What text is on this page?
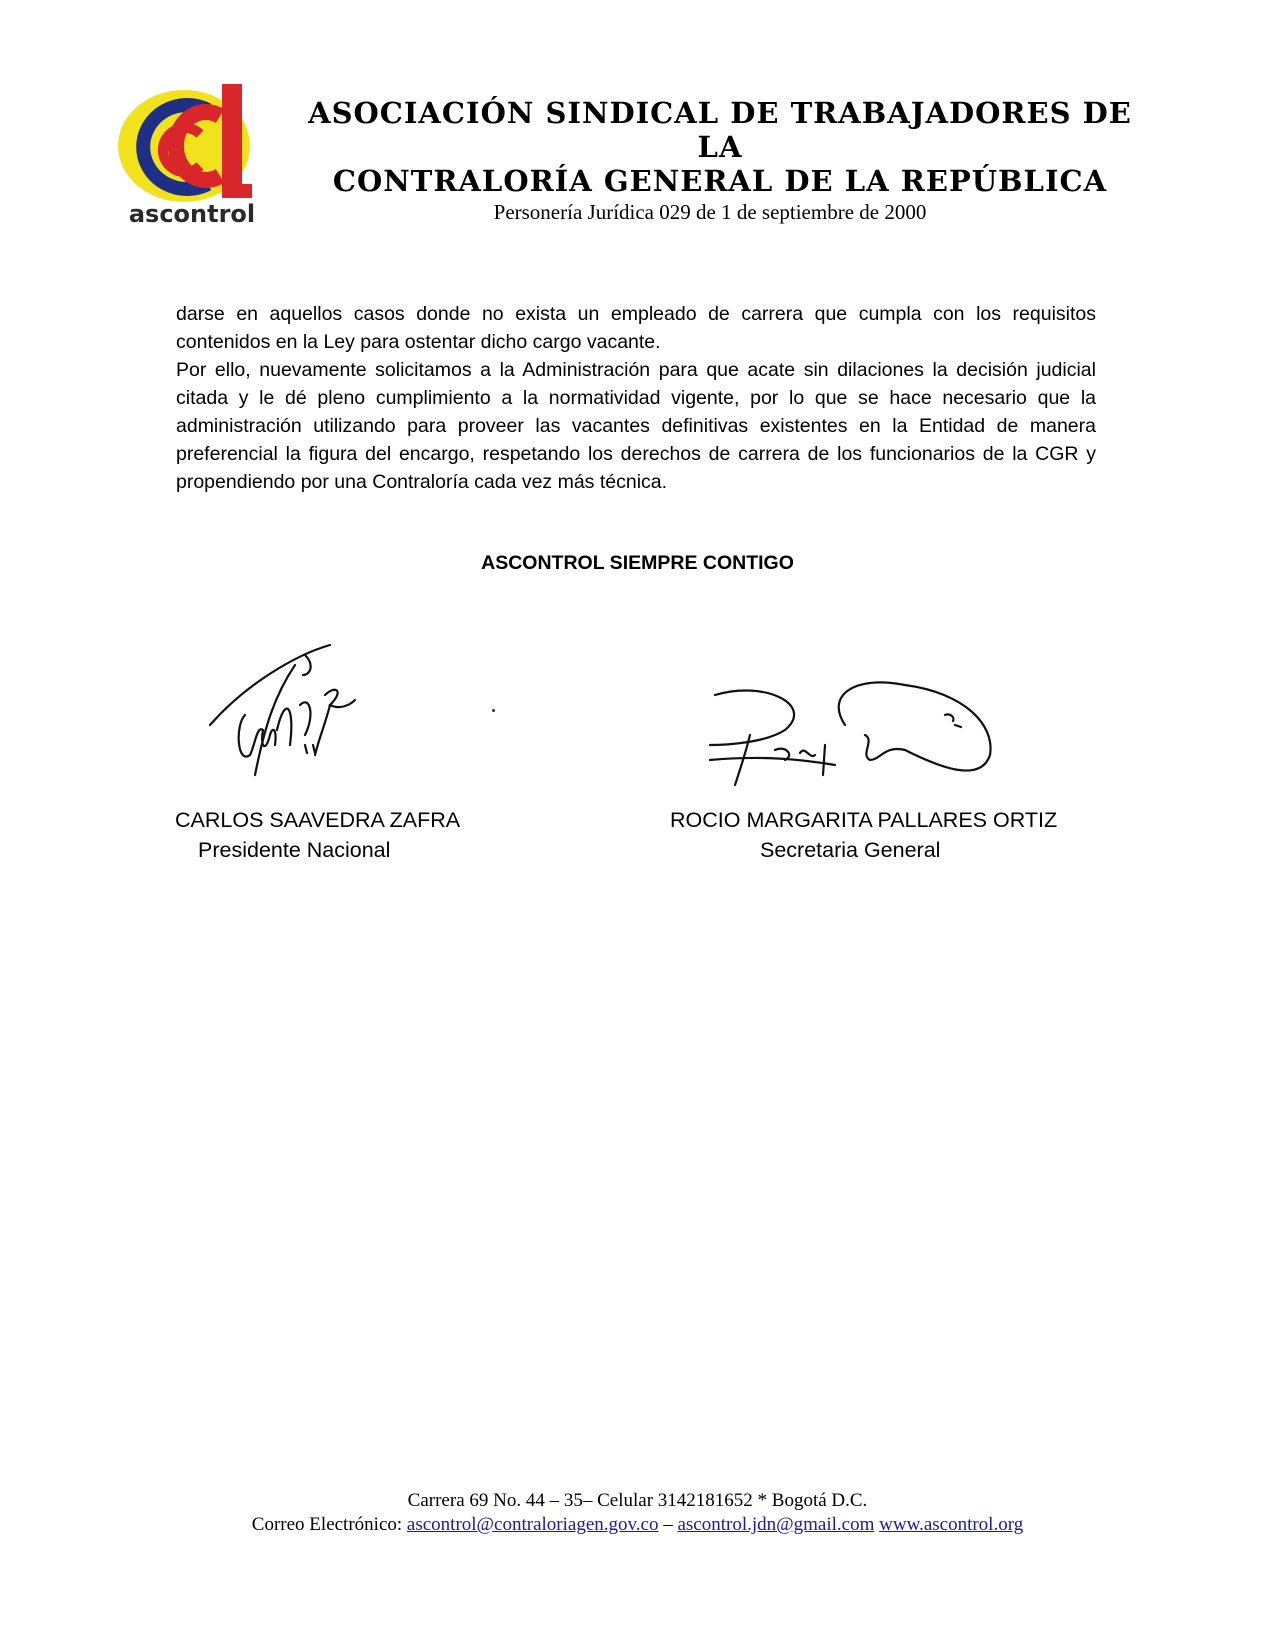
ascontrol
ASOCIACIÓN SINDICAL DE TRABAJADORES DE LA
CONTRALORÍA GENERAL DE LA REPÚBLICA
Personería Jurídica 029 de 1 de septiembre de 2000

darse en aquellos casos donde no exista un empleado de carrera que cumpla con los requisitos contenidos en la Ley para ostentar dicho cargo vacante.

Por ello, nuevamente solicitamos a la Administración para que acate sin dilaciones la decisión judicial citada y le dé pleno cumplimiento a la normatividad vigente, por lo que se hace necesario que la administración utilizando para proveer las vacantes definitivas existentes en la Entidad de manera preferencial la figura del encargo, respetando los derechos de carrera de los funcionarios de la CGR y propendiendo por una Contraloría cada vez más técnica.

ASCONTROL SIEMPRE CONTIGO
CARLOS SAAVEDRA ZAFRA
Presidente Nacional
ROCIO MARGARITA PALLARES ORTIZ
Secretaria General
Carrera 69 No. 44 – 35– Celular 3142181652 * Bogotá D.C.
Correo Electrónico: ascontrol@contraloriagen.gov.co – ascontrol.jdn@gmail.com www.ascontrol.org
